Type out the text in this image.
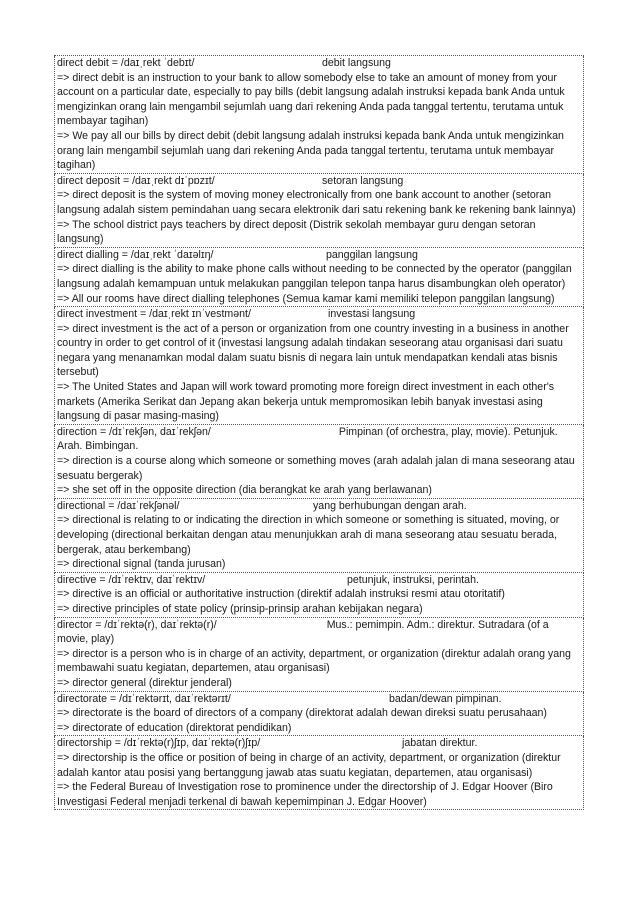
direct debit = /daɪˌrekt ˈdebɪt/	debit langsung
=> direct debit is an instruction to your bank to allow somebody else to take an amount of money from your account on a particular date, especially to pay bills (debit langsung adalah instruksi kepada bank Anda untuk mengizinkan orang lain mengambil sejumlah uang dari rekening Anda pada tanggal tertentu, terutama untuk membayar tagihan)
=> We pay all our bills by direct debit (debit langsung adalah instruksi kepada bank Anda untuk mengizinkan orang lain mengambil sejumlah uang dari rekening Anda pada tanggal tertentu, terutama untuk membayar tagihan)
direct deposit = /daɪˌrekt dɪˈpɒzɪt/	setoran langsung
=> direct deposit is the system of moving money electronically from one bank account to another (setoran langsung adalah sistem pemindahan uang secara elektronik dari satu rekening bank ke rekening bank lainnya)
=> The school district pays teachers by direct deposit (Distrik sekolah membayar guru dengan setoran langsung)
direct dialling = /daɪˌrekt ˈdaɪəlɪŋ/	panggilan langsung
=> direct dialling is the ability to make phone calls without needing to be connected by the operator (panggilan langsung adalah kemampuan untuk melakukan panggilan telepon tanpa harus disambungkan oleh operator)
=> All our rooms have direct dialling telephones (Semua kamar kami memiliki telepon panggilan langsung)
direct investment = /daɪˌrekt ɪnˈvestmənt/	investasi langsung
=> direct investment is the act of a person or organization from one country investing in a business in another country in order to get control of it (investasi langsung adalah tindakan seseorang atau organisasi dari suatu negara yang menanamkan modal dalam suatu bisnis di negara lain untuk mendapatkan kendali atas bisnis tersebut)
=> The United States and Japan will work toward promoting more foreign direct investment in each other's markets (Amerika Serikat dan Jepang akan bekerja untuk mempromosikan lebih banyak investasi asing langsung di pasar masing-masing)
direction = /dɪˈrekʃən, daɪˈrekʃən/	Pimpinan (of orchestra, play, movie). Petunjuk. Arah. Bimbingan.
=> direction is a course along which someone or something moves (arah adalah jalan di mana seseorang atau sesuatu bergerak)
=> she set off in the opposite direction (dia berangkat ke arah yang berlawanan)
directional = /daɪˈrekʃənəl/	yang berhubungan dengan arah.
=> directional is relating to or indicating the direction in which someone or something is situated, moving, or developing (directional berkaitan dengan atau menunjukkan arah di mana seseorang atau sesuatu berada, bergerak, atau berkembang)
=> directional signal (tanda jurusan)
directive = /dɪˈrektɪv, daɪˈrektɪv/	petunjuk, instruksi, perintah.
=> directive is an official or authoritative instruction (direktif adalah instruksi resmi atau otoritatif)
=> directive principles of state policy (prinsip-prinsip arahan kebijakan negara)
director = /dɪˈrektə(r), daɪˈrektə(r)/	Mus.: pemimpin. Adm.: direktur. Sutradara (of a movie, play)
=> director is a person who is in charge of an activity, department, or organization (direktur adalah orang yang membawahi suatu kegiatan, departemen, atau organisasi)
=> director general (direktur jenderal)
directorate = /dɪˈrektərɪt, daɪˈrektərɪt/	badan/dewan pimpinan.
=> directorate is the board of directors of a company (direktorat adalah dewan direksi suatu perusahaan)
=> directorate of education (direktorat pendidikan)
directorship = /dɪˈrektə(r)ʃɪp, daɪˈrektə(r)ʃɪp/	jabatan direktur.
=> directorship is the office or position of being in charge of an activity, department, or organization (direktur adalah kantor atau posisi yang bertanggung jawab atas suatu kegiatan, departemen, atau organisasi)
=> the Federal Bureau of Investigation rose to prominence under the directorship of J. Edgar Hoover (Biro Investigasi Federal menjadi terkenal di bawah kepemimpinan J. Edgar Hoover)
